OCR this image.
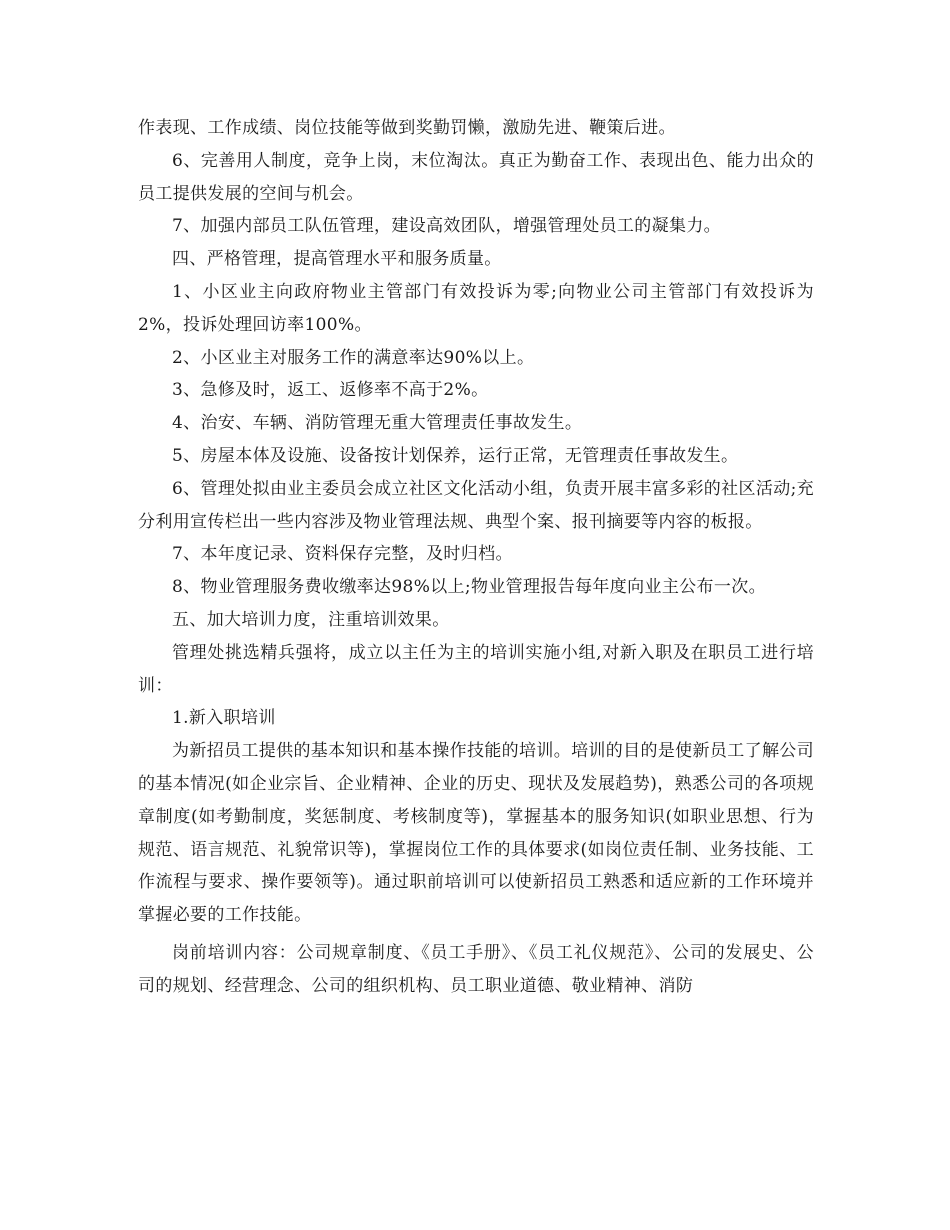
作表现、工作成绩、岗位技能等做到奖勤罚懒，激励先进、鞭策后进。

6、完善用人制度，竞争上岗，末位淘汰。真正为勤奋工作、表现出色、能力出众的员工提供发展的空间与机会。

7、加强内部员工队伍管理，建设高效团队，增强管理处员工的凝集力。

四、严格管理，提高管理水平和服务质量。

1、小区业主向政府物业主管部门有效投诉为零;向物业公司主管部门有效投诉为2%，投诉处理回访率100%。

2、小区业主对服务工作的满意率达90%以上。

3、急修及时，返工、返修率不高于2%。

4、治安、车辆、消防管理无重大管理责任事故发生。

5、房屋本体及设施、设备按计划保养，运行正常，无管理责任事故发生。

6、管理处拟由业主委员会成立社区文化活动小组，负责开展丰富多彩的社区活动;充分利用宣传栏出一些内容涉及物业管理法规、典型个案、报刊摘要等内容的板报。

7、本年度记录、资料保存完整，及时归档。

8、物业管理服务费收缴率达98%以上;物业管理报告每年度向业主公布一次。

五、加大培训力度，注重培训效果。

管理处挑选精兵强将，成立以主任为主的培训实施小组,对新入职及在职员工进行培训：

1.新入职培训

为新招员工提供的基本知识和基本操作技能的培训。培训的目的是使新员工了解公司的基本情况(如企业宗旨、企业精神、企业的历史、现状及发展趋势)，熟悉公司的各项规章制度(如考勤制度，奖惩制度、考核制度等)，掌握基本的服务知识(如职业思想、行为规范、语言规范、礼貌常识等)，掌握岗位工作的具体要求(如岗位责任制、业务技能、工作流程与要求、操作要领等)。通过职前培训可以使新招员工熟悉和适应新的工作环境并掌握必要的工作技能。

岗前培训内容：公司规章制度、《员工手册》、《员工礼仪规范》、公司的发展史、公司的规划、经营理念、公司的组织机构、员工职业道德、敬业精神、消防
